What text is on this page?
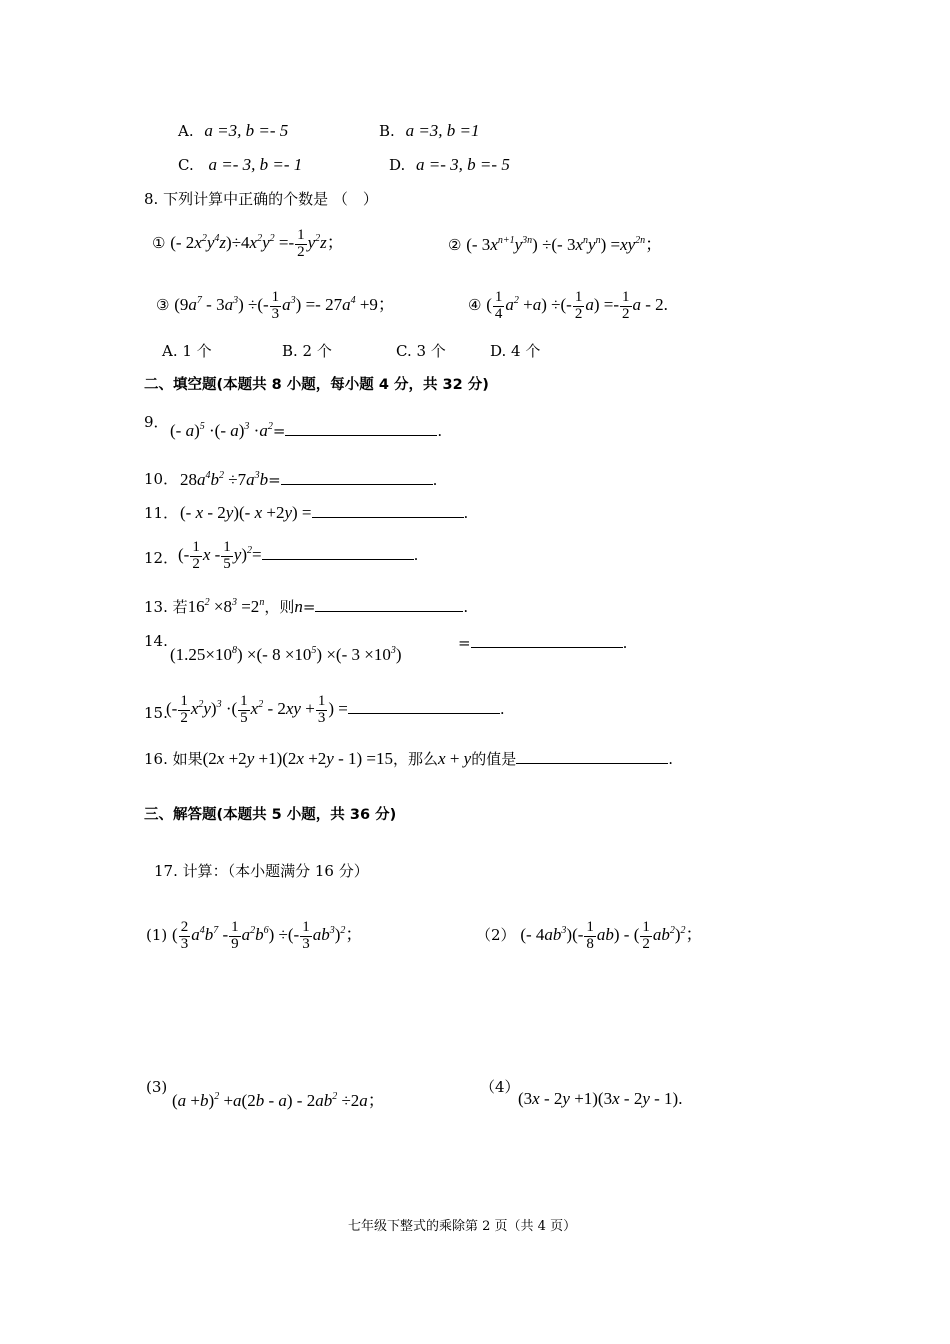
A. a =3, b =- 5	B. a =3, b =1
C. a =- 3, b =- 1	D. a =- 3, b =- 5
8. 下列计算中正确的个数是 （　）
① (- $2x^2y^4z)\div 4x^2y^2 =- \frac{1}{2} y^2z$；	② (- $3x^{n+1}y^{3n}$) ÷(- $3x^ny^n) =xy^{2n}$；
③ $(9a^7 - 3a^3)$ ÷(- $\frac{1}{3} a^3) =- 27a^4 +9$；	④ ( $\frac{1}{4} a^2 +a$) ÷(- $\frac{1}{2} a) =- \frac{1}{2}$ a - 2.
A. 1 个	B. 2 个	C. 3 个	D. 4 个
二、填空题(本题共 8 小题，每小题 4 分，共 32 分)
9． (- a)$^5$ ·(- $a)^3 \cdot a^2=$	.
10． $28a^4b^2 \div 7a^3b=$	.
11． (- x - 2y)(- x +2y) =	.
12． (- $\frac{1}{2}$ $x - \frac{1}{5} y)^2=$	.
13. 若$16^2 \times 8^3 =2^n$，则n=	.
14.
$(1.25\times 10^8)$ ×(- $8 \times 10^5$) ×(- $3 \times 10^3$)
=	.
15.
(- $\frac{1}{2} x^2y)^3$ ·( $\frac{1}{5} x^2 - 2xy + \frac{1}{3}$ ) =	.
16. 如果(2x +2y +1)(2x +2y - 1) =15，那么x + y的值是	.
三、解答题(本题共 5 小题，共 36 分)
17. 计算：（本小题满分 16 分）
(1) ( $\frac{2}{3} a^4b^7 - \frac{1}{9} a^2b^6$) ÷(- $\frac{1}{3} ab^3)^2$；	（2） (- $4ab^3)(- \frac{1}{8} ab)$ - ( $\frac{1}{2} ab^2)^2$；
(3)
$(a +b)^2 +a(2b - a) - 2ab^2 \div 2a$；
（4）
(3x - 2y +1)(3x - 2y - 1).
七年级下整式的乘除第 2 页（共 4 页）
